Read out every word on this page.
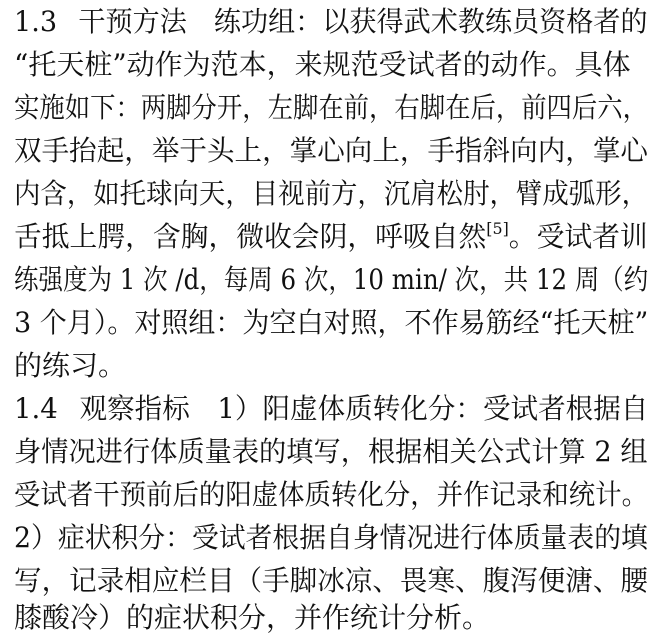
1.3 干预方法 练功组：以获得武术教练员资格者的
“托天桩”动作为范本，来规范受试者的动作。具体
实施如下：两脚分开，左脚在前，右脚在后，前四后六，
双手抬起，举于头上，掌心向上，手指斜向内，掌心
内含，如托球向天，目视前方，沉肩松肘，臂成弧形，
舌抵上腭，含胸，微收会阴，呼吸自然[5]。受试者训
练强度为 1 次 /d，每周 6 次，10 min/ 次，共 12 周（约
3 个月）。对照组：为空白对照，不作易筋经“托天桩”
的练习。
1.4 观察指标 1）阳虚体质转化分：受试者根据自
身情况进行体质量表的填写，根据相关公式计算 2 组
受试者干预前后的阳虚体质转化分，并作记录和统计。
2）症状积分：受试者根据自身情况进行体质量表的填
写，记录相应栏目（手脚冰凉、畏寒、腹泻便溏、腰
膝酸冷）的症状积分，并作统计分析。
